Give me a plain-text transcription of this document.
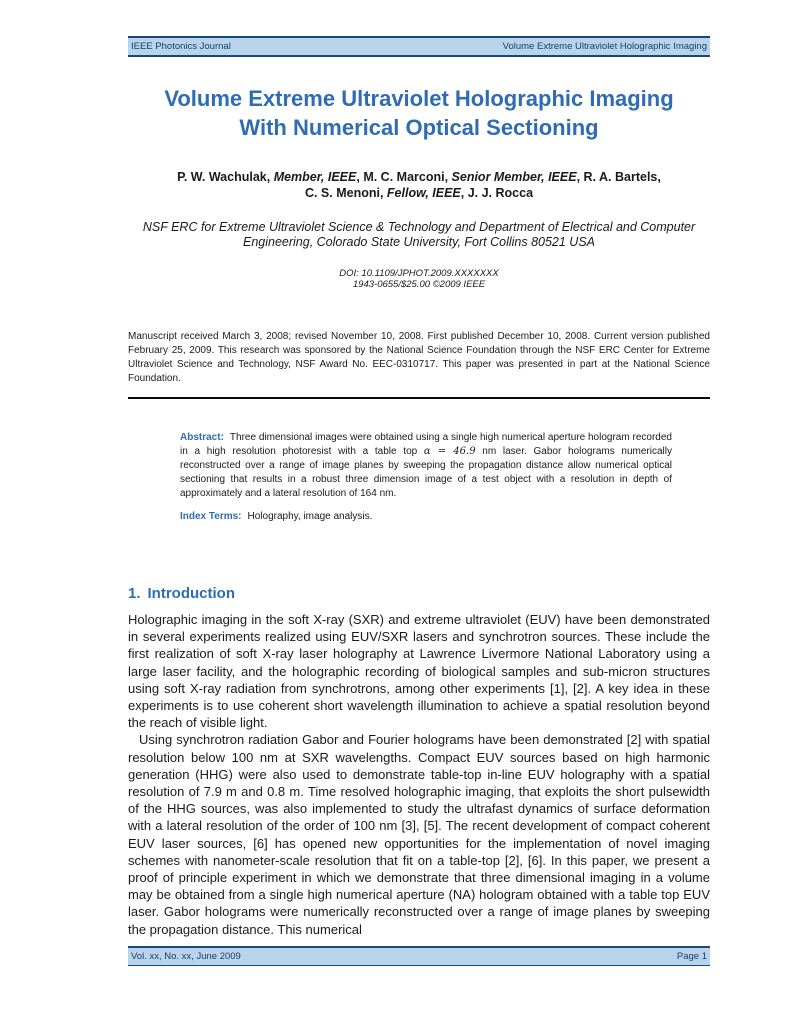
IEEE Photonics Journal	Volume Extreme Ultraviolet Holographic Imaging
Volume Extreme Ultraviolet Holographic Imaging
With Numerical Optical Sectioning
P. W. Wachulak, Member, IEEE, M. C. Marconi, Senior Member, IEEE, R. A. Bartels,
C. S. Menoni, Fellow, IEEE, J. J. Rocca
NSF ERC for Extreme Ultraviolet Science & Technology and Department of Electrical and Computer Engineering, Colorado State University, Fort Collins 80521 USA
DOI: 10.1109/JPHOT.2009.XXXXXXX
1943-0655/$25.00 ©2009 IEEE
Manuscript received March 3, 2008; revised November 10, 2008. First published December 10, 2008. Current version published February 25, 2009. This research was sponsored by the National Science Foundation through the NSF ERC Center for Extreme Ultraviolet Science and Technology, NSF Award No. EEC-0310717. This paper was presented in part at the National Science Foundation.
Abstract: Three dimensional images were obtained using a single high numerical aperture hologram recorded in a high resolution photoresist with a table top α = 46.9 nm laser. Gabor holograms numerically reconstructed over a range of image planes by sweeping the propagation distance allow numerical optical sectioning that results in a robust three dimension image of a test object with a resolution in depth of approximately and a lateral resolution of 164 nm.
Index Terms: Holography, image analysis.
1. Introduction

Holographic imaging in the soft X-ray (SXR) and extreme ultraviolet (EUV) have been demonstrated in several experiments realized using EUV/SXR lasers and synchrotron sources. These include the first realization of soft X-ray laser holography at Lawrence Livermore National Laboratory using a large laser facility, and the holographic recording of biological samples and sub-micron structures using soft X-ray radiation from synchrotrons, among other experiments [1], [2]. A key idea in these experiments is to use coherent short wavelength illumination to achieve a spatial resolution beyond the reach of visible light.

Using synchrotron radiation Gabor and Fourier holograms have been demonstrated [2] with spatial resolution below 100 nm at SXR wavelengths. Compact EUV sources based on high harmonic generation (HHG) were also used to demonstrate table-top in-line EUV holography with a spatial resolution of 7.9 m and 0.8 m. Time resolved holographic imaging, that exploits the short pulsewidth of the HHG sources, was also implemented to study the ultrafast dynamics of surface deformation with a lateral resolution of the order of 100 nm [3], [5]. The recent development of compact coherent EUV laser sources, [6] has opened new opportunities for the implementation of novel imaging schemes with nanometer-scale resolution that fit on a table-top [2], [6]. In this paper, we present a proof of principle experiment in which we demonstrate that three dimensional imaging in a volume may be obtained from a single high numerical aperture (NA) hologram obtained with a table top EUV laser. Gabor holograms were numerically reconstructed over a range of image planes by sweeping the propagation distance. This numerical

Vol. xx, No. xx, June 2009	Page 1
